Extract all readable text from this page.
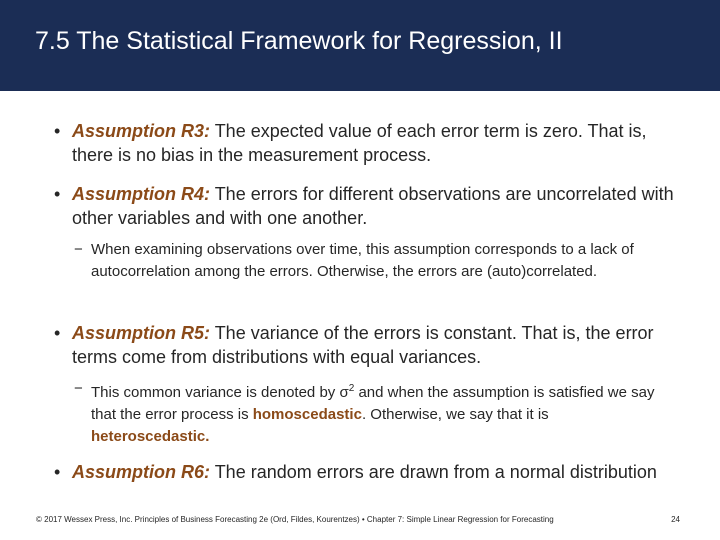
7.5 The Statistical Framework for Regression, II
• Assumption R3: The expected value of each error term is zero. That is, there is no bias in the measurement process.
• Assumption R4: The errors for different observations are uncorrelated with other variables and with one another.
− When examining observations over time, this assumption corresponds to a lack of autocorrelation among the errors. Otherwise, the errors are (auto)correlated.
• Assumption R5: The variance of the errors is constant. That is, the error terms come from distributions with equal variances.
− This common variance is denoted by $\sigma^2$ and when the assumption is satisfied we say that the error process is homoscedastic. Otherwise, we say that it is heteroscedastic.
• Assumption R6: The random errors are drawn from a normal distribution
© 2017 Wessex Press, Inc. Principles of Business Forecasting 2e (Ord, Fildes, Kourentzes) • Chapter 7: Simple Linear Regression for Forecasting	24
